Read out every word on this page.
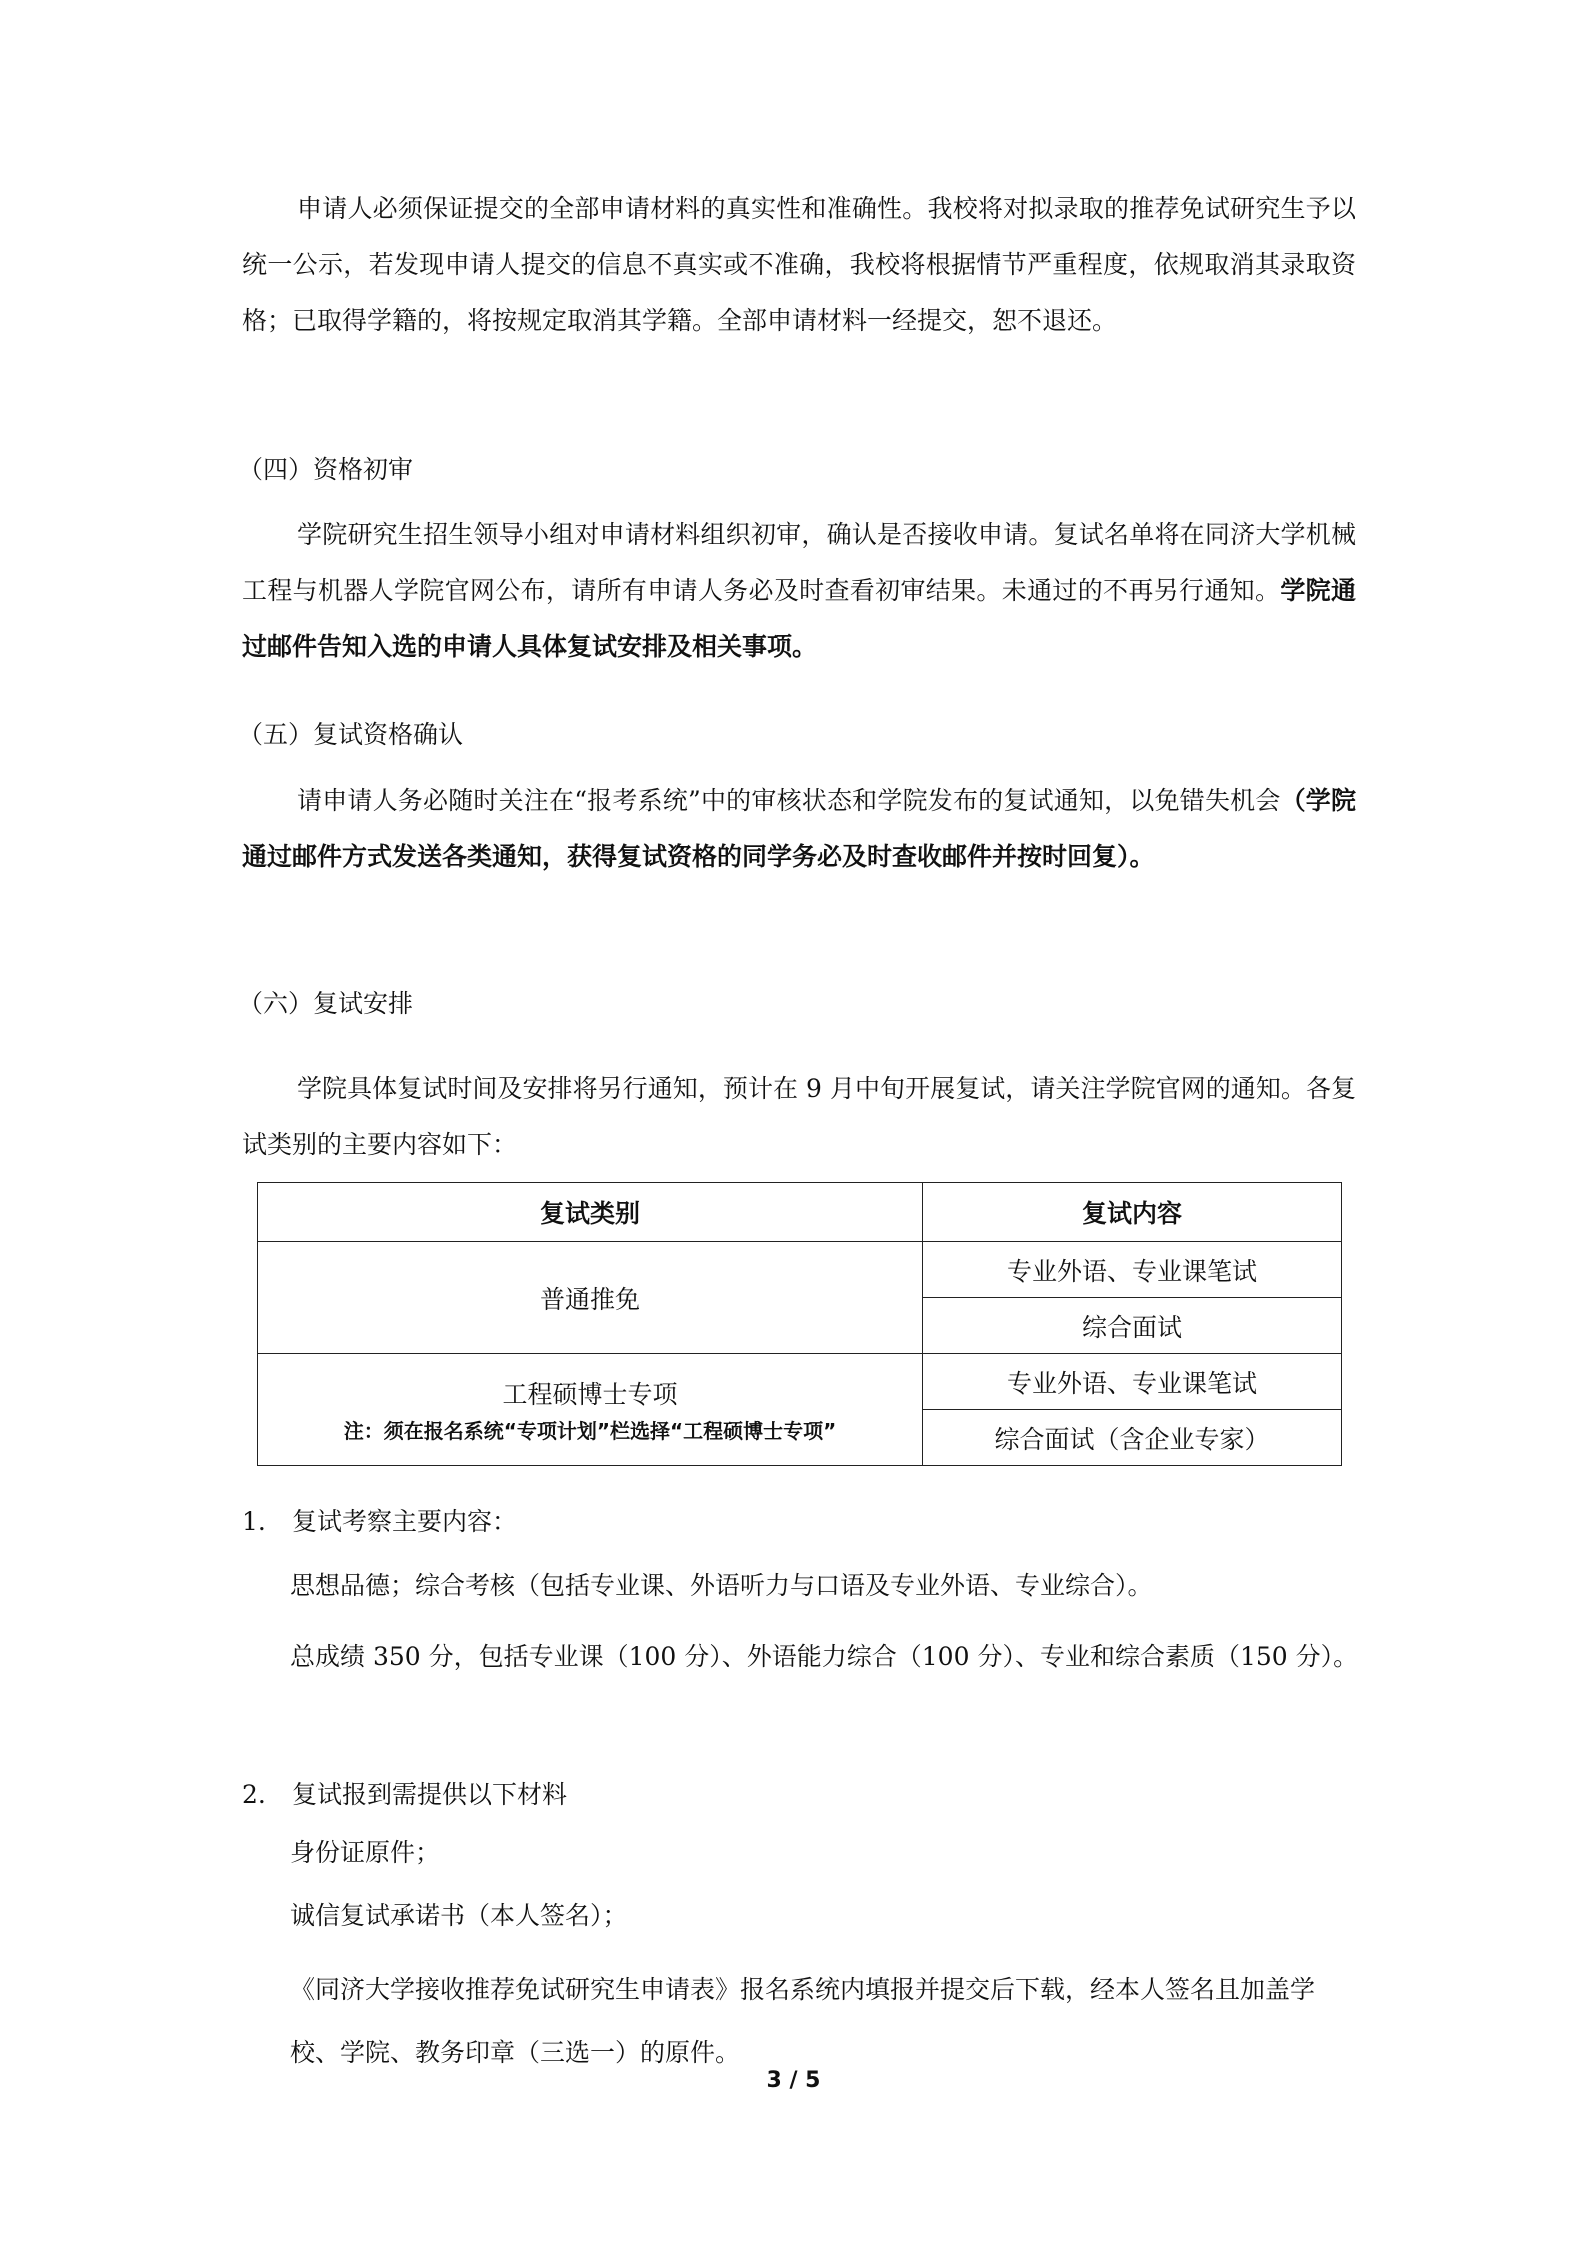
申请人必须保证提交的全部申请材料的真实性和准确性。我校将对拟录取的推荐免试研究生予以统一公示，若发现申请人提交的信息不真实或不准确，我校将根据情节严重程度，依规取消其录取资格；已取得学籍的，将按规定取消其学籍。全部申请材料一经提交，恕不退还。

（四）资格初审

学院研究生招生领导小组对申请材料组织初审，确认是否接收申请。复试名单将在同济大学机械工程与机器人学院官网公布，请所有申请人务必及时查看初审结果。未通过的不再另行通知。学院通过邮件告知入选的申请人具体复试安排及相关事项。

（五）复试资格确认

请申请人务必随时关注在“报考系统”中的审核状态和学院发布的复试通知，以免错失机会（学院通过邮件方式发送各类通知，获得复试资格的同学务必及时查收邮件并按时回复）。

（六）复试安排

学院具体复试时间及安排将另行通知，预计在 9 月中旬开展复试，请关注学院官网的通知。各复试类别的主要内容如下：

复试类别	复试内容
普通推免	专业外语、专业课笔试
	综合面试
工程硕博士专项
注：须在报名系统“专项计划”栏选择“工程硕博士专项”	专业外语、专业课笔试
	综合面试（含企业专家）
1. 复试考察主要内容：

思想品德；综合考核（包括专业课、外语听力与口语及专业外语、专业综合）。

总成绩 350 分，包括专业课（100 分）、外语能力综合（100 分）、专业和综合素质（150 分）。

2. 复试报到需提供以下材料

身份证原件；

诚信复试承诺书（本人签名）；

《同济大学接收推荐免试研究生申请表》报名系统内填报并提交后下载，经本人签名且加盖学校、学院、教务印章（三选一）的原件。

3 / 5
